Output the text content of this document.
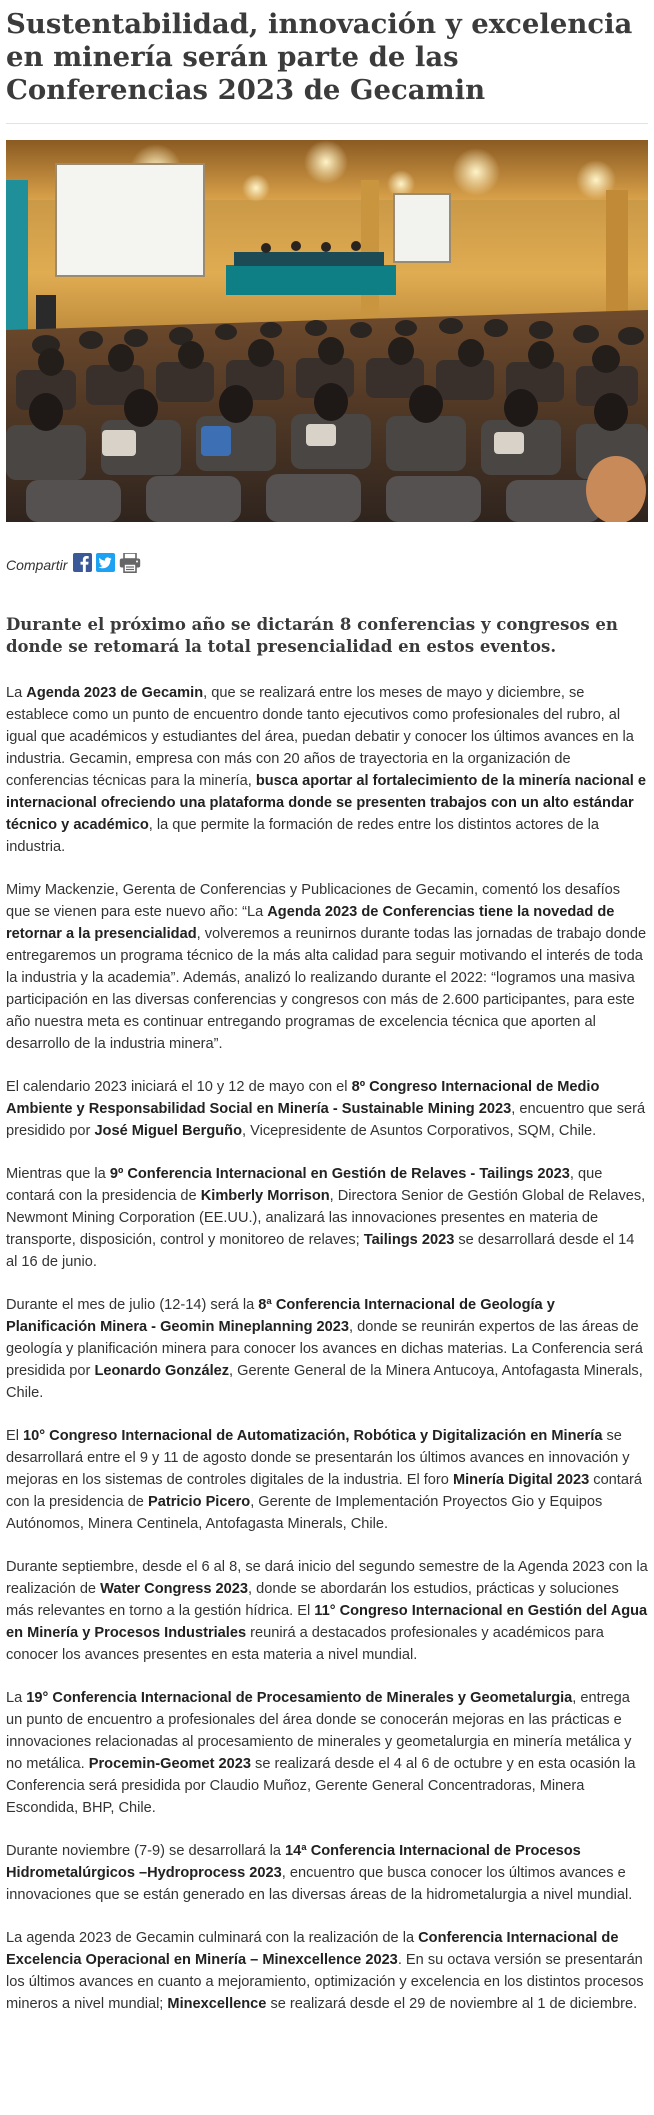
Sustentabilidad, innovación y excelencia en minería serán parte de las Conferencias 2023 de Gecamin
Compartir
Durante el próximo año se dictarán 8 conferencias y congresos en donde se retomará la total presencialidad en estos eventos.

La Agenda 2023 de Gecamin, que se realizará entre los meses de mayo y diciembre, se establece como un punto de encuentro donde tanto ejecutivos como profesionales del rubro, al igual que académicos y estudiantes del área, puedan debatir y conocer los últimos avances en la industria. Gecamin, empresa con más con 20 años de trayectoria en la organización de conferencias técnicas para la minería, busca aportar al fortalecimiento de la minería nacional e internacional ofreciendo una plataforma donde se presenten trabajos con un alto estándar técnico y académico, la que permite la formación de redes entre los distintos actores de la industria.

Mimy Mackenzie, Gerenta de Conferencias y Publicaciones de Gecamin, comentó los desafíos que se vienen para este nuevo año: “La Agenda 2023 de Conferencias tiene la novedad de retornar a la presencialidad, volveremos a reunirnos durante todas las jornadas de trabajo donde entregaremos un programa técnico de la más alta calidad para seguir motivando el interés de toda la industria y la academia”. Además, analizó lo realizando durante el 2022: “logramos una masiva participación en las diversas conferencias y congresos con más de 2.600 participantes, para este año nuestra meta es continuar entregando programas de excelencia técnica que aporten al desarrollo de la industria minera”.

El calendario 2023 iniciará el 10 y 12 de mayo con el 8º Congreso Internacional de Medio Ambiente y Responsabilidad Social en Minería - Sustainable Mining 2023, encuentro que será presidido por José Miguel Berguño, Vicepresidente de Asuntos Corporativos, SQM, Chile.

Mientras que la 9º Conferencia Internacional en Gestión de Relaves - Tailings 2023, que contará con la presidencia de Kimberly Morrison, Directora Senior de Gestión Global de Relaves, Newmont Mining Corporation (EE.UU.), analizará las innovaciones presentes en materia de transporte, disposición, control y monitoreo de relaves; Tailings 2023 se desarrollará desde el 14 al 16 de junio.

Durante el mes de julio (12-14) será la 8ª Conferencia Internacional de Geología y Planificación Minera - Geomin Mineplanning 2023, donde se reunirán expertos de las áreas de geología y planificación minera para conocer los avances en dichas materias. La Conferencia será presidida por Leonardo González, Gerente General de la Minera Antucoya, Antofagasta Minerals, Chile.

El 10° Congreso Internacional de Automatización, Robótica y Digitalización en Minería se desarrollará entre el 9 y 11 de agosto donde se presentarán los últimos avances en innovación y mejoras en los sistemas de controles digitales de la industria. El foro Minería Digital 2023 contará con la presidencia de Patricio Picero, Gerente de Implementación Proyectos Gio y Equipos Autónomos, Minera Centinela, Antofagasta Minerals, Chile.

Durante septiembre, desde el 6 al 8, se dará inicio del segundo semestre de la Agenda 2023 con la realización de Water Congress 2023, donde se abordarán los estudios, prácticas y soluciones más relevantes en torno a la gestión hídrica. El 11° Congreso Internacional en Gestión del Agua en Minería y Procesos Industriales reunirá a destacados profesionales y académicos para conocer los avances presentes en esta materia a nivel mundial.

La 19° Conferencia Internacional de Procesamiento de Minerales y Geometalurgia, entrega un punto de encuentro a profesionales del área donde se conocerán mejoras en las prácticas e innovaciones relacionadas al procesamiento de minerales y geometalurgia en minería metálica y no metálica. Procemin-Geomet 2023 se realizará desde el 4 al 6 de octubre y en esta ocasión la Conferencia será presidida por Claudio Muñoz, Gerente General Concentradoras, Minera Escondida, BHP, Chile.

Durante noviembre (7-9) se desarrollará la 14ª Conferencia Internacional de Procesos Hidrometalúrgicos –Hydroprocess 2023, encuentro que busca conocer los últimos avances e innovaciones que se están generado en las diversas áreas de la hidrometalurgia a nivel mundial.

La agenda 2023 de Gecamin culminará con la realización de la Conferencia Internacional de Excelencia Operacional en Minería – Minexcellence 2023. En su octava versión se presentarán los últimos avances en cuanto a mejoramiento, optimización y excelencia en los distintos procesos mineros a nivel mundial; Minexcellence se realizará desde el 29 de noviembre al 1 de diciembre.
